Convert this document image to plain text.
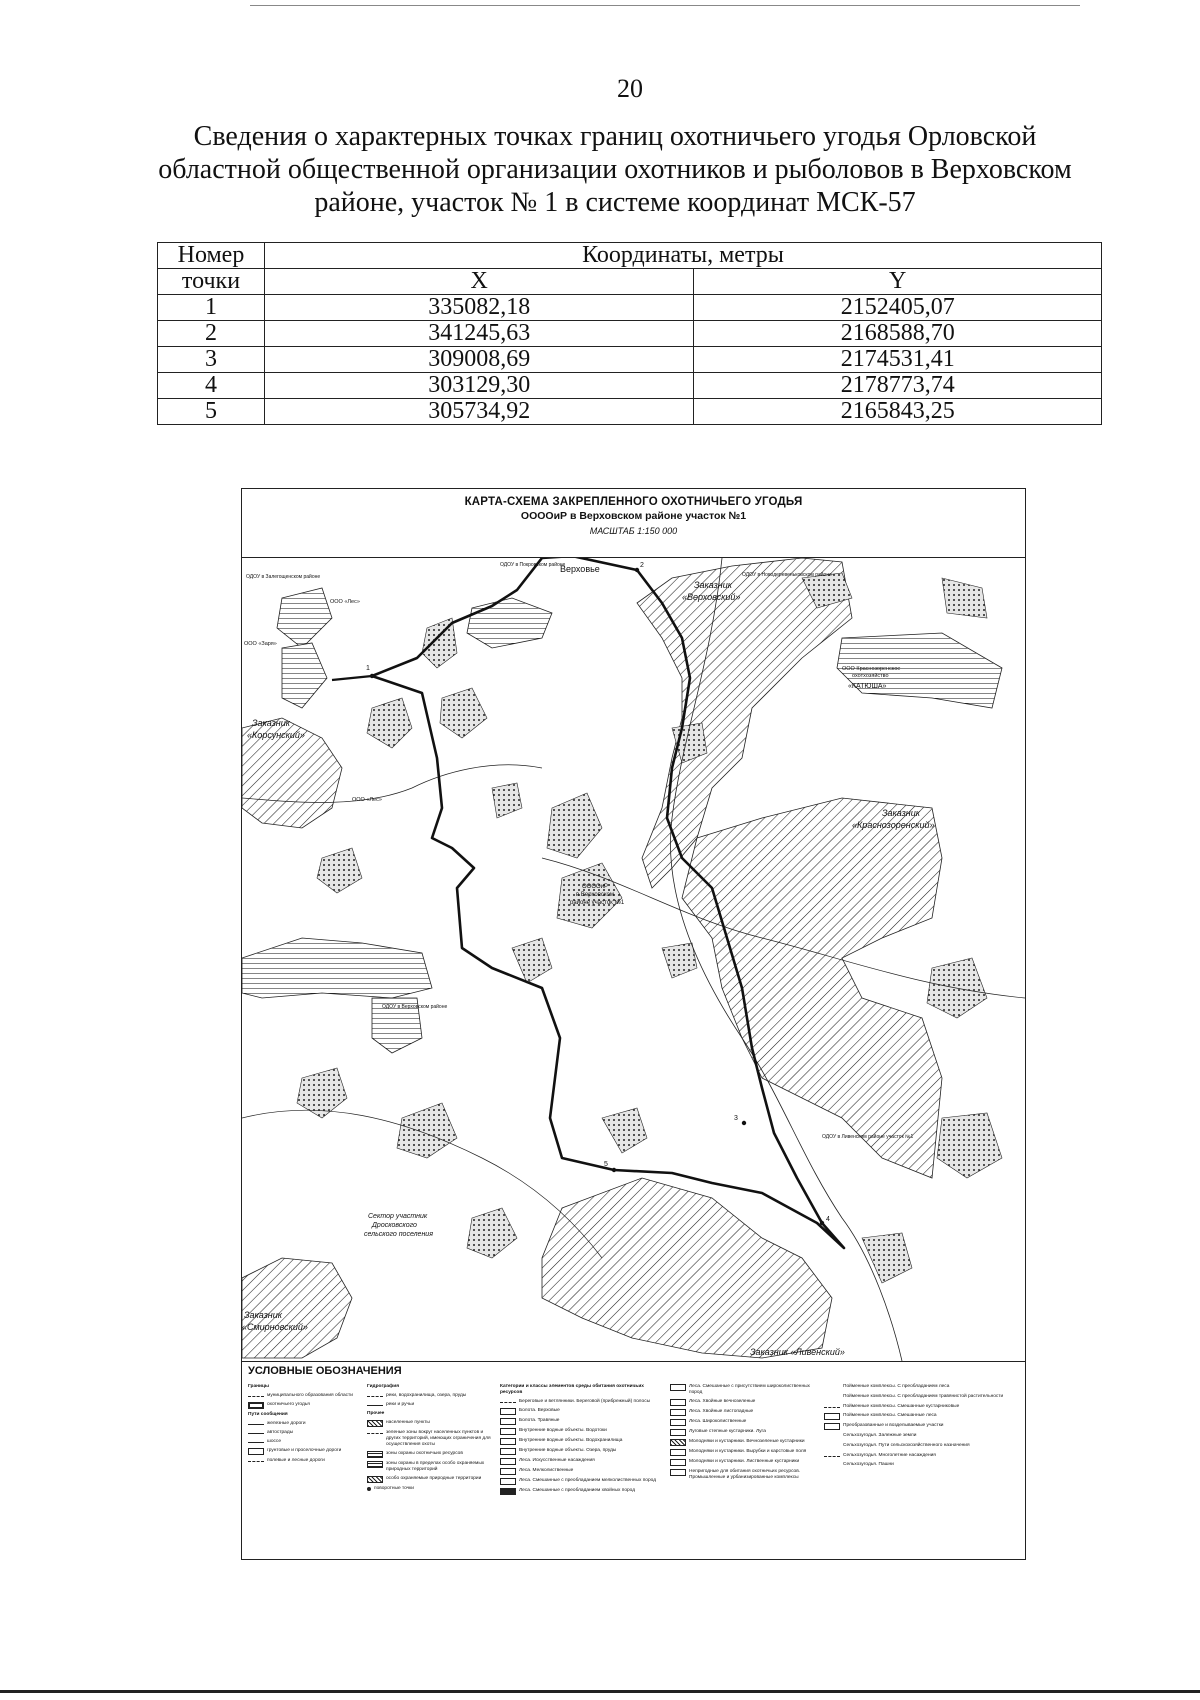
20
Сведения о характерных точках границ охотничьего угодья Орловской
областной общественной организации охотников и рыболовов в Верховском
районе, участок № 1 в системе координат МСК-57
Номер	Координаты, метры	
точки	X	Y
1	335082,18	2152405,07
2	341245,63	2168588,70
3	309008,69	2174531,41
4	303129,30	2178773,74
5	305734,92	2165843,25
КАРТА-СХЕМА ЗАКРЕПЛЕННОГО ОХОТНИЧЬЕГО УГОДЬЯ
ООООиР в Верховском районе участок №1
МАСШТАБ 1:150 000
1
2
3
4
5
Верховье
Заказник
«Верховский»
Заказник
«Корсунский»
Заказник
«Краснозоренский»
Заказник
«Смирновский»
Заказник «Ливенский»
«КАТЮША»
ООО Краснозоренское
охотхозяйство
ООО «Лес»
ООО «Лес»
ООО «Заря»
ОДОУ в Залегощенском районе
ОДОУ в Верховском районе
ОДОУ в Новодеревеньковском районе
ОДОУ в Покровском районе
ОДОУ в Ливенском районе участок №1
ООООиР
в Верховском
районе участок №1
Сектор участник
Дросковского
сельского поселения
УСЛОВНЫЕ ОБОЗНАЧЕНИЯ
Границы
муниципального образования области
охотничьего угодья
Пути сообщения
железные дороги
автострады
шоссе
грунтовые и проселочные дороги
полевые и лесные дороги
Гидрография
реки, водохранилища, озера, пруды
реки и ручьи
Прочее
населенные пункты
зеленые зоны вокруг населенных пунктов и других территорий, имеющих ограничения для осуществления охоты
зоны охраны охотничьих ресурсов
зоны охраны в пределах особо охраняемых природных территорий
особо охраняемые природные территории
поворотные точки
Категории и классы элементов среды обитания охотничьих ресурсов
Береговые и ветлянники. Береговой (прибрежный) полосы
Болота. Верховые
Болота. Травяные
Внутренние водные объекты. Водотоки
Внутренние водные объекты. Водохранилища
Внутренние водные объекты. Озера, пруды
Леса. Искусственные насаждения
Леса. Мелколиственные
Леса. Смешанные с преобладанием мелколиственных пород
Леса. Смешанные с преобладанием хвойных пород
Леса. Смешанные с присутствием широколиственных пород
Леса. Хвойные вечнозеленые
Леса. Хвойные листопадные
Леса. Широколиственные
Луговые степные кустарники. Луга
Молодняки и кустарники. Вечнозеленые кустарники
Молодняки и кустарники. Вырубки и карстовые поля
Молодняки и кустарники. Лиственные кустарники
Непригодные для обитания охотничьих ресурсов. Промышленные и урбанизированные комплексы
Пойменные комплексы. С преобладанием леса
Пойменные комплексы. С преобладанием травянистой растительности
Пойменные комплексы. Смешанные кустарниковые
Пойменные комплексы. Смешанные леса
Преобразованные и возделываемые участки
Сельхозугодья. Залежные земли
Сельхозугодья. Пути сельскохозяйственного назначения
Сельхозугодья. Многолетние насаждения
Сельхозугодья. Пашни
